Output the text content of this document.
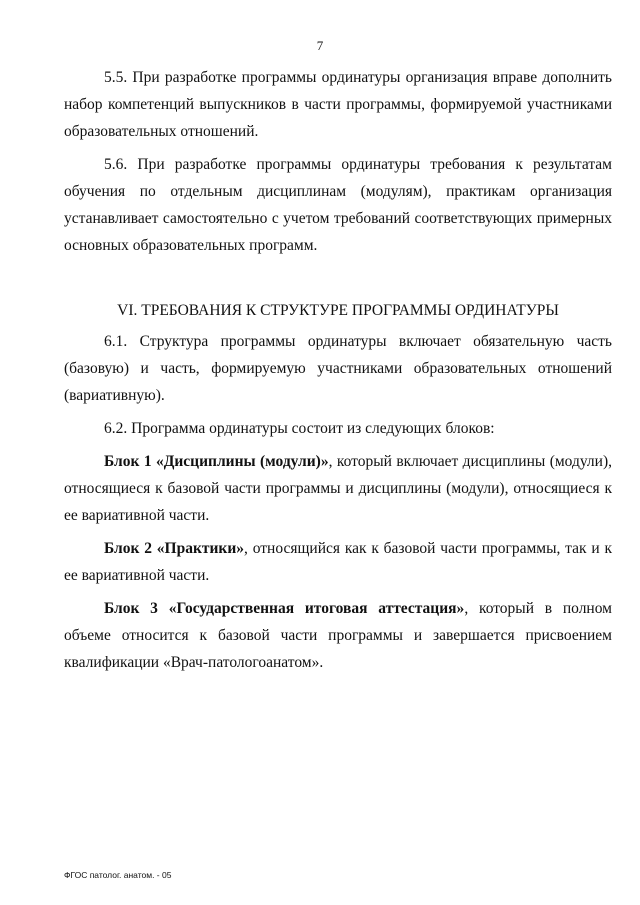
7

5.5. При разработке программы ординатуры организация вправе дополнить набор компетенций выпускников в части программы, формируемой участниками образовательных отношений.

5.6. При разработке программы ординатуры требования к результатам обучения по отдельным дисциплинам (модулям), практикам организация устанавливает самостоятельно с учетом требований соответствующих примерных основных образовательных программ.

VI. ТРЕБОВАНИЯ К СТРУКТУРЕ ПРОГРАММЫ ОРДИНАТУРЫ

6.1. Структура программы ординатуры включает обязательную часть (базовую) и часть, формируемую участниками образовательных отношений (вариативную).

6.2. Программа ординатуры состоит из следующих блоков:

Блок 1 «Дисциплины (модули)», который включает дисциплины (модули), относящиеся к базовой части программы и дисциплины (модули), относящиеся к ее вариативной части.

Блок 2 «Практики», относящийся как к базовой части программы, так и к ее вариативной части.

Блок 3 «Государственная итоговая аттестация», который в полном объеме относится к базовой части программы и завершается присвоением квалификации «Врач-патологоанатом».

ФГОС патолог. анатом. - 05
